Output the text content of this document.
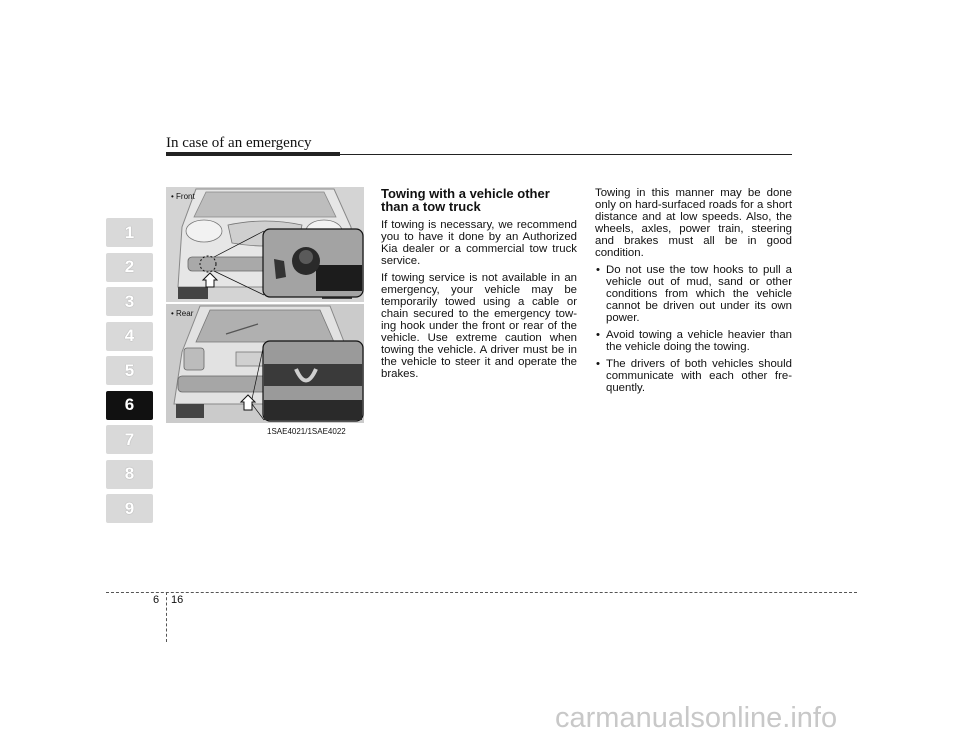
In case of an emergency
1
2
3
4
5
6
7
8
9
• Front
• Rear
1SAE4021/1SAE4022
Towing with a vehicle other than a tow truck

If towing is necessary, we recommend you to have it done by an Authorized Kia dealer or a commercial tow truck service.

If towing service is not available in an emergency, your vehicle may be temporarily towed using a cable or chain secured to the emergency towing hook under the front or rear of the vehicle. Use extreme caution when towing the vehicle. A driver must be in the vehicle to steer it and operate the brakes.

Towing in this manner may be done only on hard-surfaced roads for a short distance and at low speeds. Also, the wheels, axles, power train, steering and brakes must all be in good condition.

• Do not use the tow hooks to pull a vehicle out of mud, sand or other conditions from which the vehicle cannot be driven out under its own power.
• Avoid towing a vehicle heavier than the vehicle doing the towing.
• The drivers of both vehicles should communicate with each other frequently.
6 16
carmanualsonline.info
